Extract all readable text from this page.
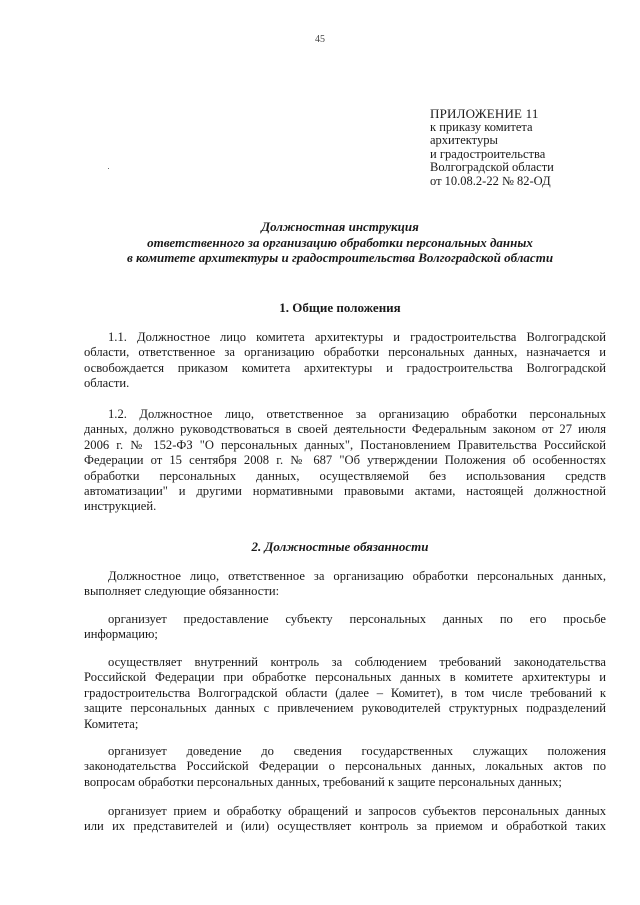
45
ПРИЛОЖЕНИЕ 11
к приказу комитета
архитектуры
и градостроительства
Волгоградской области
от 10.08.2-22 № 82-ОД
Должностная инструкция
ответственного за организацию обработки персональных данных
в комитете архитектуры и градостроительства Волгоградской области
1. Общие положения
1.1. Должностное лицо комитета архитектуры и градостроительства Волгоградской
области, ответственное за организацию обработки персональных данных, назначается и
освобождается приказом комитета архитектуры и градостроительства Волгоградской
области.
1.2. Должностное лицо, ответственное за организацию обработки персональных
данных, должно руководствоваться в своей деятельности Федеральным законом от 27 июля
2006 г. № 152-ФЗ "О персональных данных", Постановлением Правительства Российской
Федерации от 15 сентября 2008 г. № 687 "Об утверждении Положения об особенностях
обработки персональных данных, осуществляемой без использования средств
автоматизации" и другими нормативными правовыми актами, настоящей должностной
инструкцией.
2. Должностные обязанности
Должностное лицо, ответственное за организацию обработки персональных данных,
выполняет следующие обязанности:
организует предоставление субъекту персональных данных по его просьбе
информацию;
осуществляет внутренний контроль за соблюдением требований законодательства
Российской Федерации при обработке персональных данных в комитете архитектуры и
градостроительства Волгоградской области (далее – Комитет), в том числе требований к
защите персональных данных с привлечением руководителей структурных подразделений
Комитета;
организует доведение до сведения государственных служащих положения
законодательства Российской Федерации о персональных данных, локальных актов по
вопросам обработки персональных данных, требований к защите персональных данных;
организует прием и обработку обращений и запросов субъектов персональных данных
или их представителей и (или) осуществляет контроль за приемом и обработкой таких
